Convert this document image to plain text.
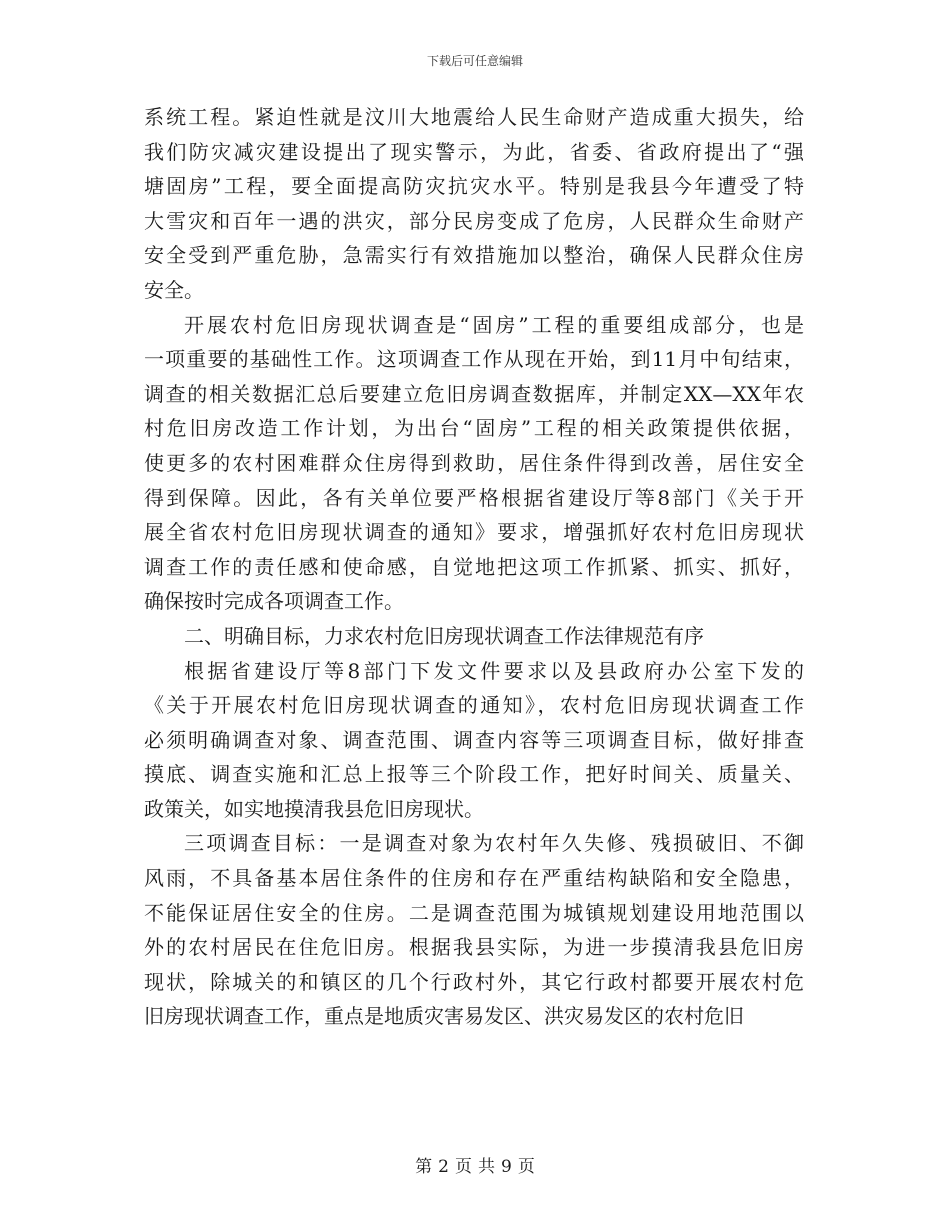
下载后可任意编辑
系统工程。紧迫性就是汶川大地震给人民生命财产造成重大损失，给
我们防灾减灾建设提出了现实警示，为此，省委、省政府提出了“强
塘固房”工程，要全面提高防灾抗灾水平。特别是我县今年遭受了特
大雪灾和百年一遇的洪灾，部分民房变成了危房，人民群众生命财产
安全受到严重危胁，急需实行有效措施加以整治，确保人民群众住房
安全。
开展农村危旧房现状调查是“固房”工程的重要组成部分，也是
一项重要的基础性工作。这项调查工作从现在开始，到11月中旬结束，
调查的相关数据汇总后要建立危旧房调查数据库，并制定XX—XX年农
村危旧房改造工作计划，为出台“固房”工程的相关政策提供依据，
使更多的农村困难群众住房得到救助，居住条件得到改善，居住安全
得到保障。因此，各有关单位要严格根据省建设厅等8部门《关于开
展全省农村危旧房现状调查的通知》要求，增强抓好农村危旧房现状
调查工作的责任感和使命感，自觉地把这项工作抓紧、抓实、抓好，
确保按时完成各项调查工作。
二、明确目标，力求农村危旧房现状调查工作法律规范有序
根据省建设厅等8部门下发文件要求以及县政府办公室下发的
《关于开展农村危旧房现状调查的通知》，农村危旧房现状调查工作
必须明确调查对象、调查范围、调查内容等三项调查目标，做好排查
摸底、调查实施和汇总上报等三个阶段工作，把好时间关、质量关、
政策关，如实地摸清我县危旧房现状。
三项调查目标：一是调查对象为农村年久失修、残损破旧、不御
风雨，不具备基本居住条件的住房和存在严重结构缺陷和安全隐患，
不能保证居住安全的住房。二是调查范围为城镇规划建设用地范围以
外的农村居民在住危旧房。根据我县实际，为进一步摸清我县危旧房
现状，除城关的和镇区的几个行政村外，其它行政村都要开展农村危
旧房现状调查工作，重点是地质灾害易发区、洪灾易发区的农村危旧
第 2 页 共 9 页
